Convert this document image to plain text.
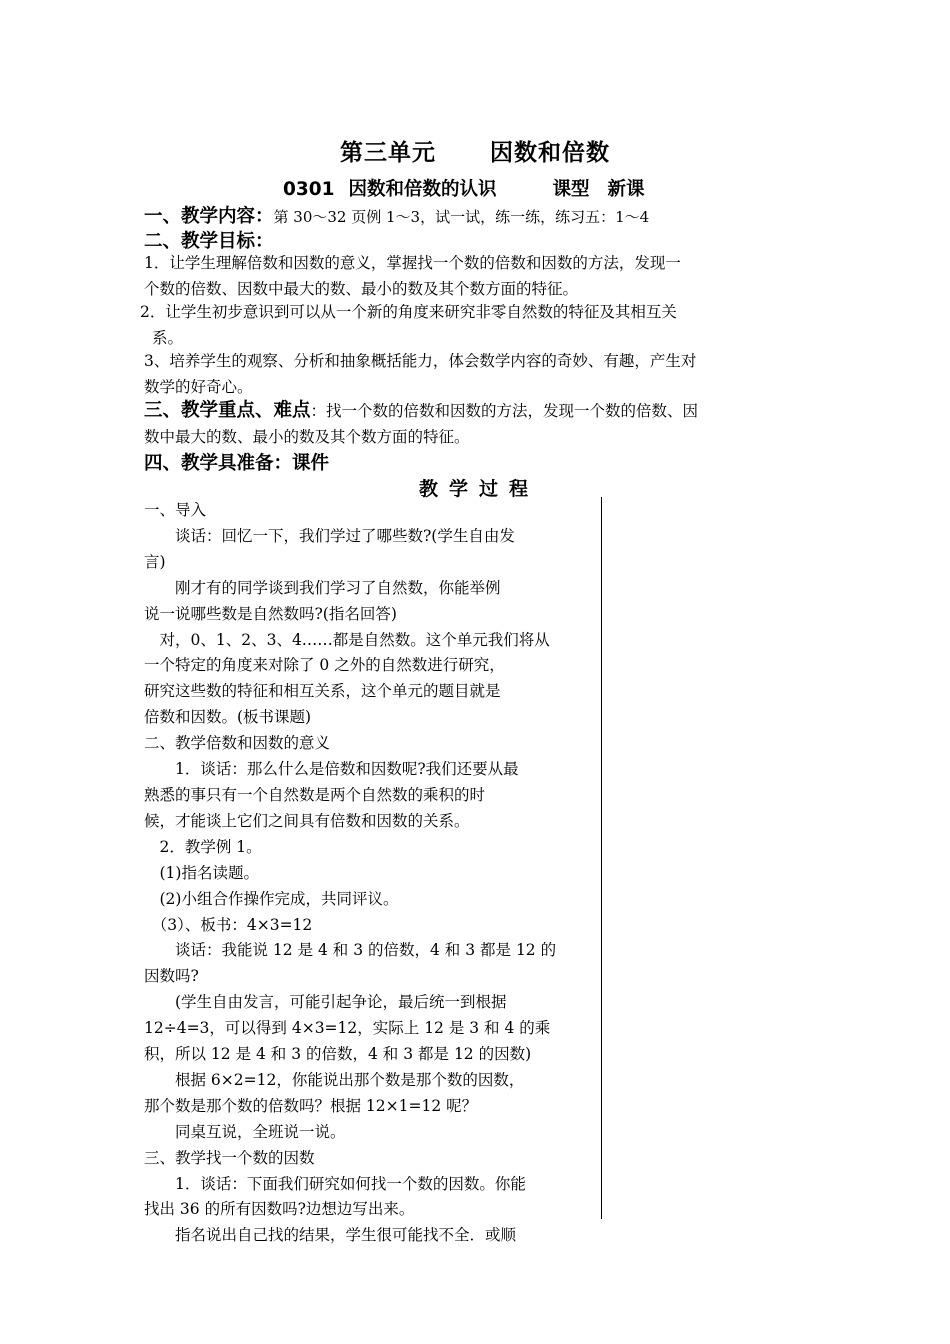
第三单元 因数和倍数
0301 因数和倍数的认识	课型 新课
一、教学内容：第 30～32 页例 1～3，试一试，练一练，练习五：1～4
二、教学目标：
1．让学生理解倍数和因数的意义，掌握找一个数的倍数和因数的方法，发现一
个数的倍数、因数中最大的数、最小的数及其个数方面的特征。
2．让学生初步意识到可以从一个新的角度来研究非零自然数的特征及其相互关
系。
3、培养学生的观察、分析和抽象概括能力，体会数学内容的奇妙、有趣，产生对
数学的好奇心。
三、教学重点、难点：找一个数的倍数和因数的方法，发现一个数的倍数、因
数中最大的数、最小的数及其个数方面的特征。
四、教学具准备：课件
教学过程

一、导入

　　谈话：回忆一下，我们学过了哪些数?(学生自由发

言)

　　刚才有的同学谈到我们学习了自然数，你能举例

说一说哪些数是自然数吗?(指名回答)

　对，0、1、2、3、4……都是自然数。这个单元我们将从

一个特定的角度来对除了 0 之外的自然数进行研究，

研究这些数的特征和相互关系，这个单元的题目就是

倍数和因数。(板书课题)

二、教学倍数和因数的意义

　　1．谈话：那么什么是倍数和因数呢?我们还要从最

熟悉的事只有一个自然数是两个自然数的乘积的时

候，才能谈上它们之间具有倍数和因数的关系。

　2．教学例 1。

　(1)指名读题。

　(2)小组合作操作完成，共同评议。

　（3）、板书：4×3=12

　　谈话：我能说 12 是 4 和 3 的倍数，4 和 3 都是 12 的

因数吗?

　　(学生自由发言，可能引起争论，最后统一到根据

12÷4=3，可以得到 4×3=12，实际上 12 是 3 和 4 的乘

积，所以 12 是 4 和 3 的倍数，4 和 3 都是 12 的因数)

　　根据 6×2=12，你能说出那个数是那个数的因数，

那个数是那个数的倍数吗？根据 12×1=12 呢？

　　同桌互说，全班说一说。

三、教学找一个数的因数

　　1．谈话：下面我们研究如何找一个数的因数。你能

找出 36 的所有因数吗?边想边写出来。

　　指名说出自己找的结果，学生很可能找不全．或顺
